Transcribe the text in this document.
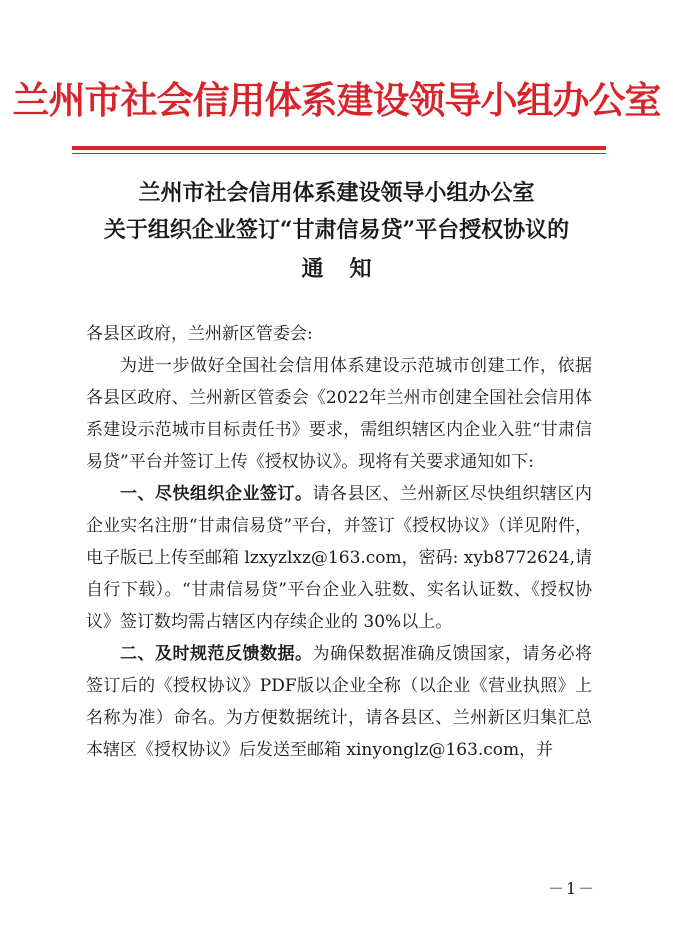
兰州市社会信用体系建设领导小组办公室
兰州市社会信用体系建设领导小组办公室
关于组织企业签订“甘肃信易贷”平台授权协议的
通知

各县区政府，兰州新区管委会:

为进一步做好全国社会信用体系建设示范城市创建工作，依据各县区政府、兰州新区管委会《2022年兰州市创建全国社会信用体系建设示范城市目标责任书》要求，需组织辖区内企业入驻“甘肃信易贷”平台并签订上传《授权协议》。现将有关要求通知如下:

一、尽快组织企业签订。请各县区、兰州新区尽快组织辖区内企业实名注册“甘肃信易贷”平台，并签订《授权协议》（详见附件，电子版已上传至邮箱 lzxyzlxz@163.com，密码: xyb8772624,请自行下载）。“甘肃信易贷”平台企业入驻数、实名认证数、《授权协议》签订数均需占辖区内存续企业的 30%以上。

二、及时规范反馈数据。为确保数据准确反馈国家，请务必将签订后的《授权协议》PDF版以企业全称（以企业《营业执照》上名称为准）命名。为方便数据统计，请各县区、兰州新区归集汇总本辖区《授权协议》后发送至邮箱 xinyonglz@163.com，并

－1－
